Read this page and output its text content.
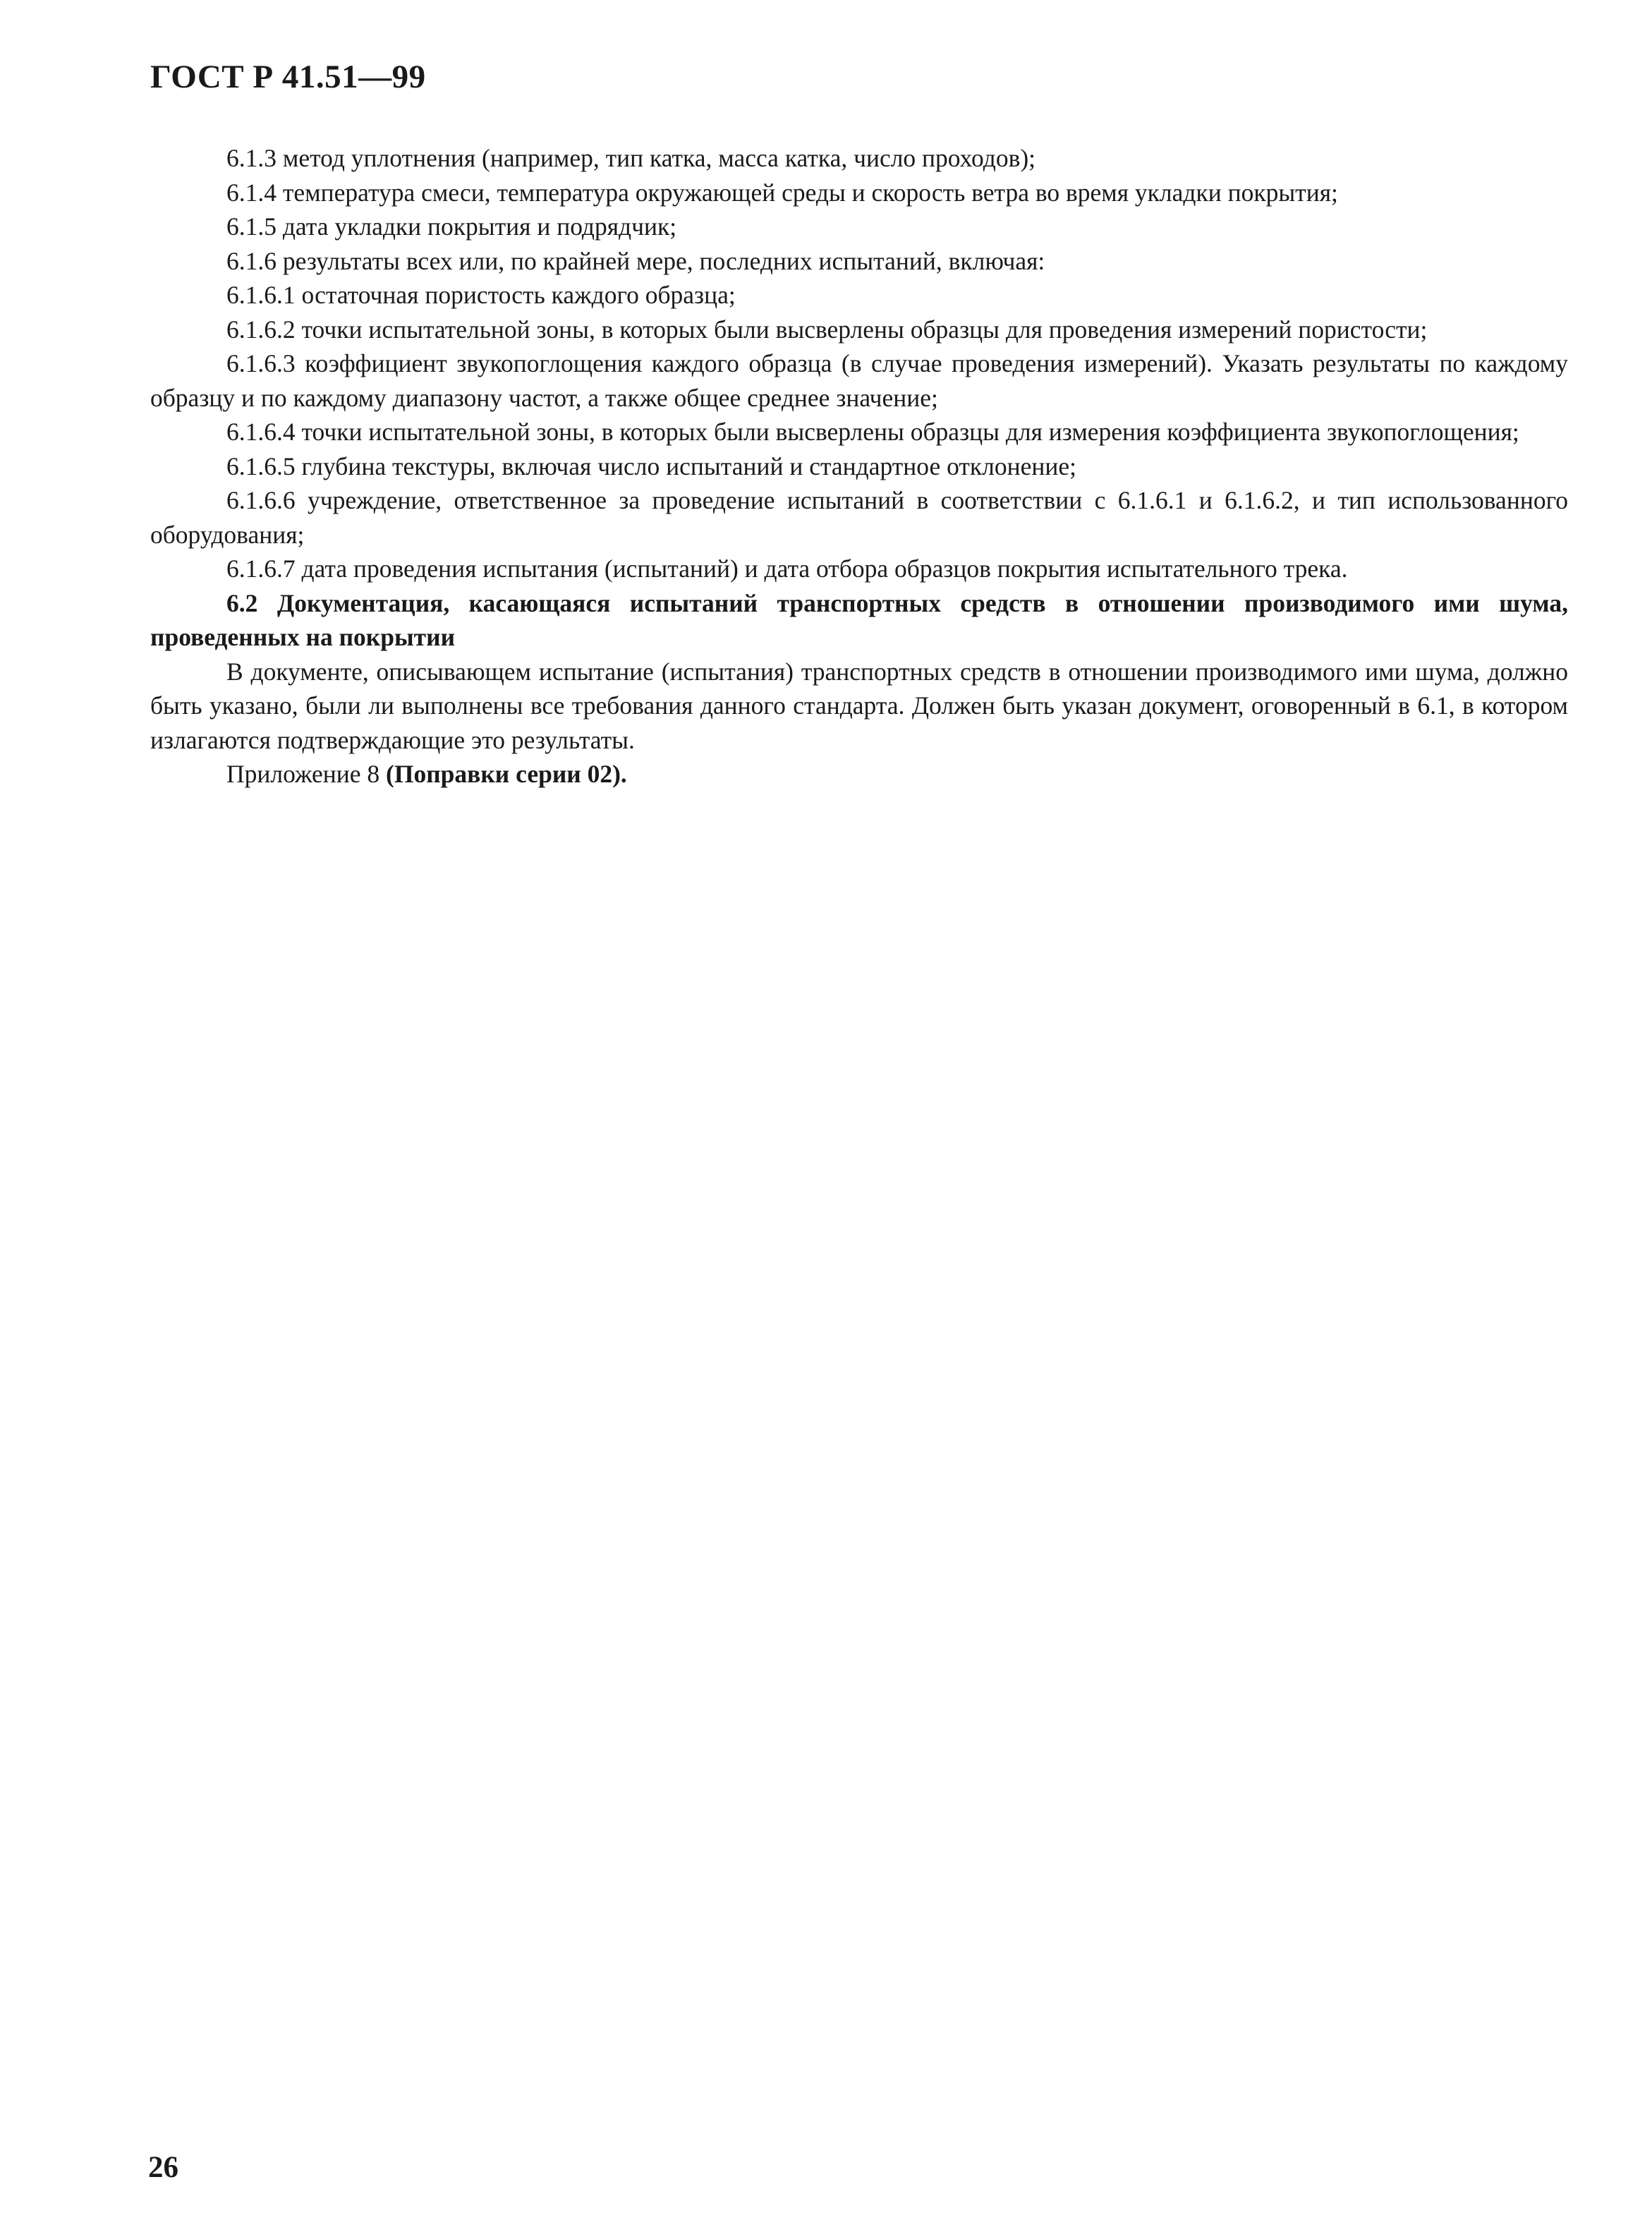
ГОСТ Р 41.51—99

6.1.3 метод уплотнения (например, тип катка, масса катка, число проходов);

6.1.4 температура смеси, температура окружающей среды и скорость ветра во время укладки покрытия;

6.1.5 дата укладки покрытия и подрядчик;

6.1.6 результаты всех или, по крайней мере, последних испытаний, включая:

6.1.6.1 остаточная пористость каждого образца;

6.1.6.2 точки испытательной зоны, в которых были высверлены образцы для проведения измерений пористости;

6.1.6.3 коэффициент звукопоглощения каждого образца (в случае проведения измерений). Указать результаты по каждому образцу и по каждому диапазону частот, а также общее среднее значение;

6.1.6.4 точки испытательной зоны, в которых были высверлены образцы для измерения коэффициента звукопоглощения;

6.1.6.5 глубина текстуры, включая число испытаний и стандартное отклонение;

6.1.6.6 учреждение, ответственное за проведение испытаний в соответствии с 6.1.6.1 и 6.1.6.2, и тип использованного оборудования;

6.1.6.7 дата проведения испытания (испытаний) и дата отбора образцов покрытия испытательного трека.

6.2 Документация, касающаяся испытаний транспортных средств в отношении производимого ими шума, проведенных на покрытии

В документе, описывающем испытание (испытания) транспортных средств в отношении производимого ими шума, должно быть указано, были ли выполнены все требования данного стандарта. Должен быть указан документ, оговоренный в 6.1, в котором излагаются подтверждающие это результаты.

Приложение 8 (Поправки серии 02).

26
